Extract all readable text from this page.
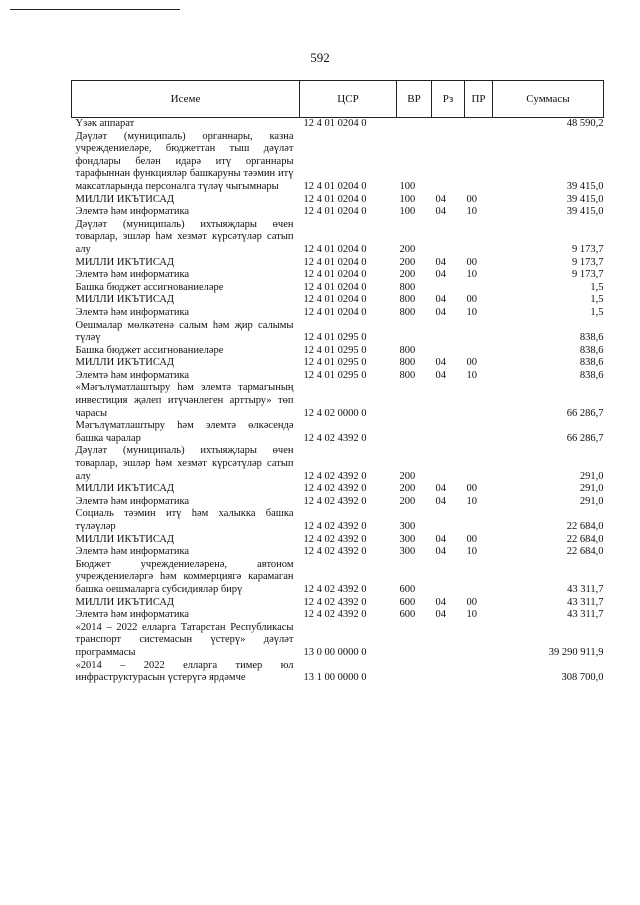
592
Исеме	ЦСР	ВР	Рз	ПР	Суммасы
Үзәк аппарат	12 4 01 0204 0				48 590,2
Дәүләт (муниципаль) органнары, казна учреждениеләре, бюджеттан тыш дәүләт фондлары белән идарә итү органнары тарафыннан функцияләр башкаруны тәэмин итү максатларында персоналга түләү чыгымнары	12 4 01 0204 0	100			39 415,0
МИЛЛИ ИКЪТИСАД	12 4 01 0204 0	100	04	00	39 415,0
Элемтә һәм информатика	12 4 01 0204 0	100	04	10	39 415,0
Дәүләт (муниципаль) ихтыяҗлары өчен товарлар, эшләр һәм хезмәт күрсәтүләр сатып алу	12 4 01 0204 0	200			9 173,7
МИЛЛИ ИКЪТИСАД	12 4 01 0204 0	200	04	00	9 173,7
Элемтә һәм информатика	12 4 01 0204 0	200	04	10	9 173,7
Башка бюджет ассигнованиеләре	12 4 01 0204 0	800			1,5
МИЛЛИ ИКЪТИСАД	12 4 01 0204 0	800	04	00	1,5
Элемтә һәм информатика	12 4 01 0204 0	800	04	10	1,5
Оешмалар мөлкәтенә салым һәм җир салымы түләү	12 4 01 0295 0				838,6
Башка бюджет ассигнованиеләре	12 4 01 0295 0	800			838,6
МИЛЛИ ИКЪТИСАД	12 4 01 0295 0	800	04	00	838,6
Элемтә һәм информатика	12 4 01 0295 0	800	04	10	838,6
«Мәгълүматлаштыру һәм элемтә тармагының инвестиция җәлеп итүчәнлеген арттыру» төп чарасы	12 4 02 0000 0				66 286,7
Мәгълүматлаштыру һәм элемтә өлкәсендә башка чаралар	12 4 02 4392 0				66 286,7
Дәүләт (муниципаль) ихтыяҗлары өчен товарлар, эшләр һәм хезмәт күрсәтүләр сатып алу	12 4 02 4392 0	200			291,0
МИЛЛИ ИКЪТИСАД	12 4 02 4392 0	200	04	00	291,0
Элемтә һәм информатика	12 4 02 4392 0	200	04	10	291,0
Социаль тәэмин итү һәм халыкка башка түләүләр	12 4 02 4392 0	300			22 684,0
МИЛЛИ ИКЪТИСАД	12 4 02 4392 0	300	04	00	22 684,0
Элемтә һәм информатика	12 4 02 4392 0	300	04	10	22 684,0
Бюджет учреждениеләренә, автоном учреждениеләргә һәм коммерциягә карамаган башка оешмаларга субсидияләр бирү	12 4 02 4392 0	600			43 311,7
МИЛЛИ ИКЪТИСАД	12 4 02 4392 0	600	04	00	43 311,7
Элемтә һәм информатика	12 4 02 4392 0	600	04	10	43 311,7
«2014 – 2022 елларга Татарстан Республикасы транспорт системасын үстерү» дәүләт программасы	13 0 00 0000 0				39 290 911,9
«2014 – 2022 елларга тимер юл инфраструктурасын үстерүгә ярдәмче	13 1 00 0000 0				308 700,0
